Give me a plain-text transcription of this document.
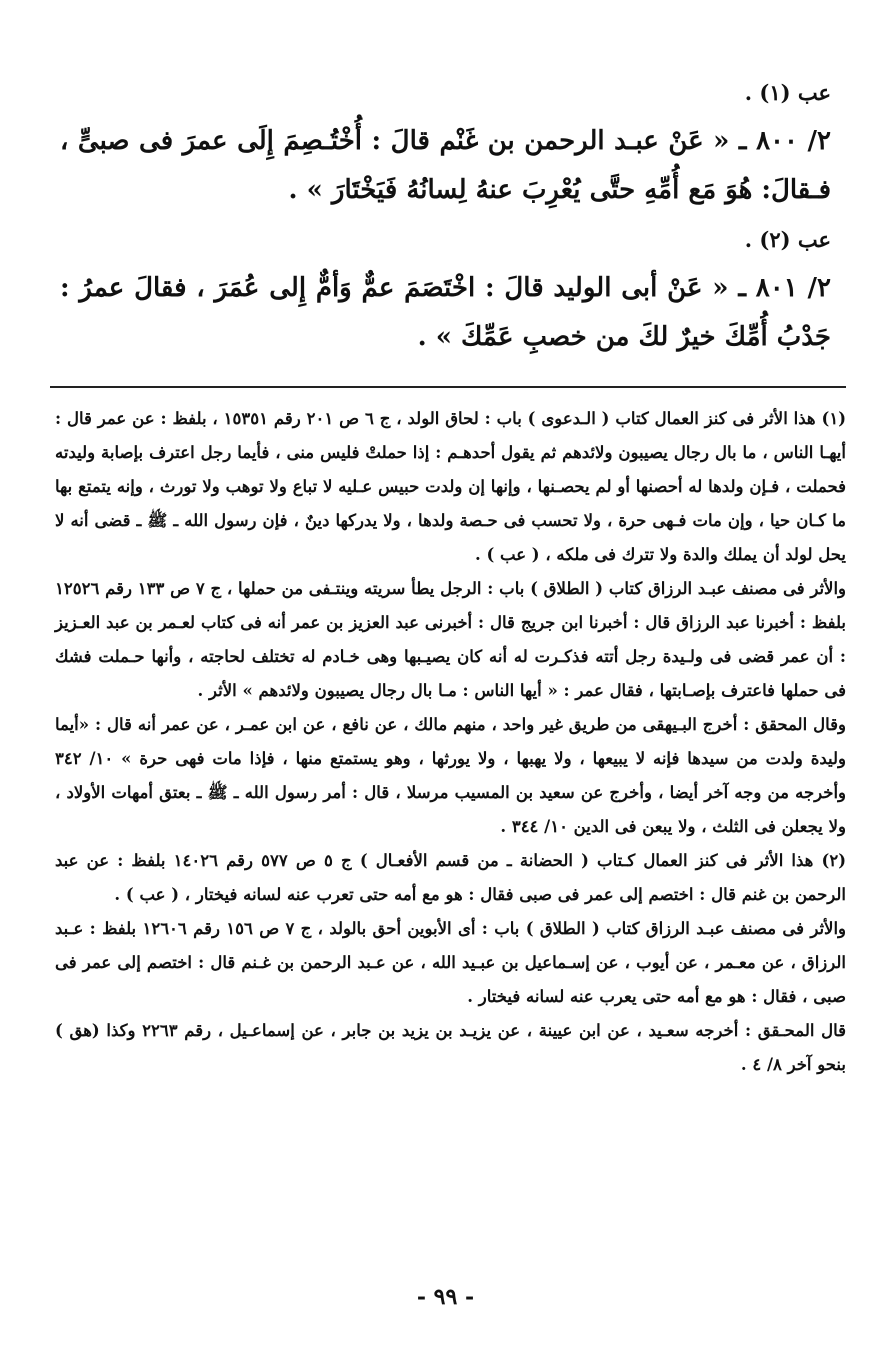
عب (١) .

٢/ ٨٠٠ ـ « عَنْ عبـد الرحمن بن غَنْم قالَ : أُخْتُـصِمَ إِلَى عمرَ فى صبىٍّ ، فـقالَ: هُوَ مَع أُمِّهِ حتَّى يُعْرِبَ عنهُ لِسانُهُ فَيَخْتَارَ » .

عب (٢) .

٢/ ٨٠١ ـ « عَنْ أبى الوليد قالَ : اخْتَصَمَ عمٌّ وَأمٌّ إِلى عُمَرَ ، فقالَ عمرُ : جَدْبُ أُمِّكَ خيرٌ لكَ من خصبِ عَمِّكَ » .

(١) هذا الأثر فى كنز العمال كتاب ( الـدعوى ) باب : لحاق الولد ، ج ٦ ص ٢٠١ رقم ١٥٣٥١ ، بلفظ : عن عمر قال : أيهـا الناس ، ما بال رجال يصيبون ولائدهم ثم يقول أحدهـم : إذا حملتْ فليس منى ، فأيما رجل اعترف بإصابة وليدته فحملت ، فـإن ولدها له أحصنها أو لم يحصـنها ، وإنها إن ولدت حبيس عـليه لا تباع ولا توهب ولا تورث ، وإنه يتمتع بها ما كـان حيا ، وإن مات فـهى حرة ، ولا تحسب فى حـصة ولدها ، ولا يدركها دينٌ ، فإن رسول الله ـ ﷺ ـ قضى أنه لا يحل لولد أن يملك والدة ولا تترك فى ملكه ، ( عب ) .

والأثر فى مصنف عبـد الرزاق كتاب ( الطلاق ) باب : الرجل يطأ سريته وينتـفى من حملها ، ج ٧ ص ١٣٣ رقم ١٢٥٢٦ بلفظ : أخبرنا عبد الرزاق قال : أخبرنا ابن جريج قال : أخبرنى عبد العزيز بن عمر أنه فى كتاب لعـمر بن عبد العـزيز : أن عمر قضى فى ولـيدة رجل أتته فذكـرت له أنه كان يصيـبها وهى خـادم له تختلف لحاجته ، وأنها حـملت فشك فى حملها فاعترف بإصـابتها ، فقال عمر : « أيها الناس : مـا بال رجال يصيبون ولائدهم » الأثر .

وقال المحقق : أخرج البـيهقى من طريق غير واحد ، منهم مالك ، عن نافع ، عن ابن عمـر ، عن عمر أنه قال : «أيما وليدة ولدت من سيدها فإنه لا يبيعها ، ولا يهبها ، ولا يورثها ، وهو يستمتع منها ، فإذا مات فهى حرة » ١٠/ ٣٤٢ وأخرجه من وجه آخر أيضا ، وأخرج عن سعيد بن المسيب مرسلا ، قال : أمر رسول الله ـ ﷺ ـ بعتق أمهات الأولاد ، ولا يجعلن فى الثلث ، ولا يبعن فى الدين ١٠/ ٣٤٤ .

(٢) هذا الأثر فى كنز العمال كـتاب ( الحضانة ـ من قسم الأفعـال ) ج ٥ ص ٥٧٧ رقم ١٤٠٢٦ بلفظ : عن عبد الرحمن بن غنم قال : اختصم إلى عمر فى صبى فقال : هو مع أمه حتى تعرب عنه لسانه فيختار ، ( عب ) .

والأثر فى مصنف عبـد الرزاق كتاب ( الطلاق ) باب : أى الأبوين أحق بالولد ، ج ٧ ص ١٥٦ رقم ١٢٦٠٦ بلفظ : عـبد الرزاق ، عن معـمر ، عن أيوب ، عن إسـماعيل بن عبـيد الله ، عن عـبد الرحمن بن غـنم قال : اختصم إلى عمر فى صبى ، فقال : هو مع أمه حتى يعرب عنه لسانه فيختار .

قال المحـقق : أخرجه سعـيد ، عن ابن عيينة ، عن يزيـد بن يزيد بن جابر ، عن إسماعـيل ، رقم ٢٢٦٣ وكذا (هق ) بنحو آخر ٨/ ٤ .

- ٩٩ -
